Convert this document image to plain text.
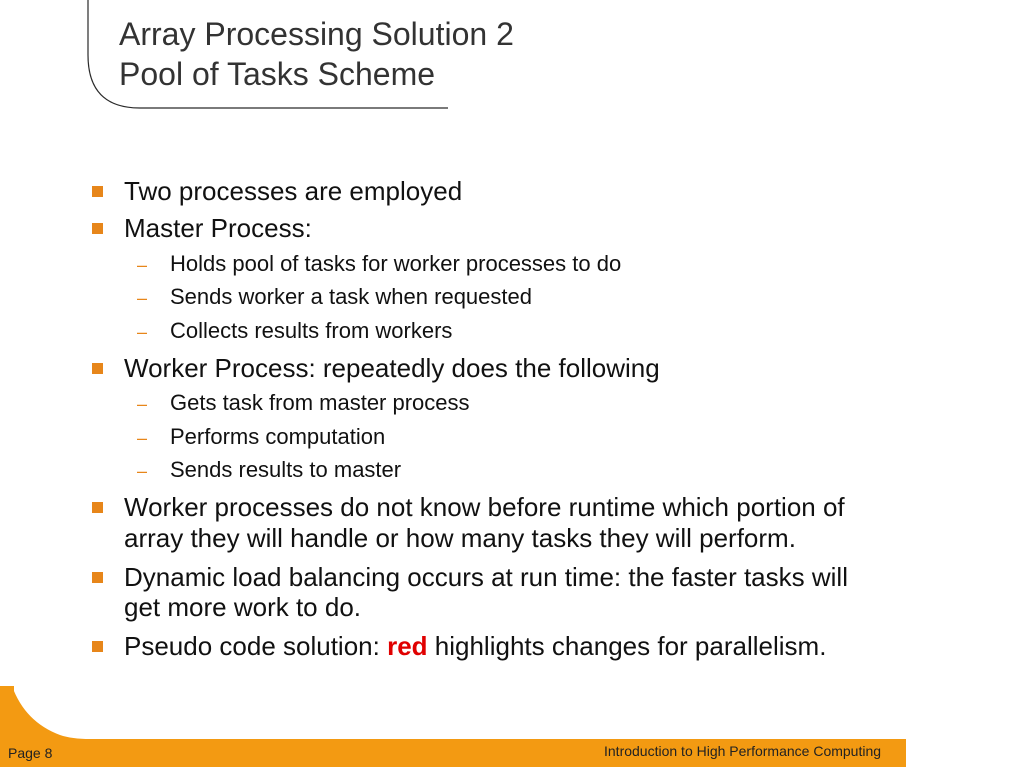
Array Processing Solution 2
Pool of Tasks Scheme
Two processes are employed
Master Process:
– Holds pool of tasks for worker processes to do
– Sends worker a task when requested
– Collects results from workers
Worker Process: repeatedly does the following
– Gets task from master process
– Performs computation
– Sends results to master
Worker processes do not know before runtime which portion of
array they will handle or how many tasks they will perform.
Dynamic load balancing occurs at run time: the faster tasks will
get more work to do.
Pseudo code solution: red highlights changes for parallelism.
Page 8	Introduction to High Performance Computing
